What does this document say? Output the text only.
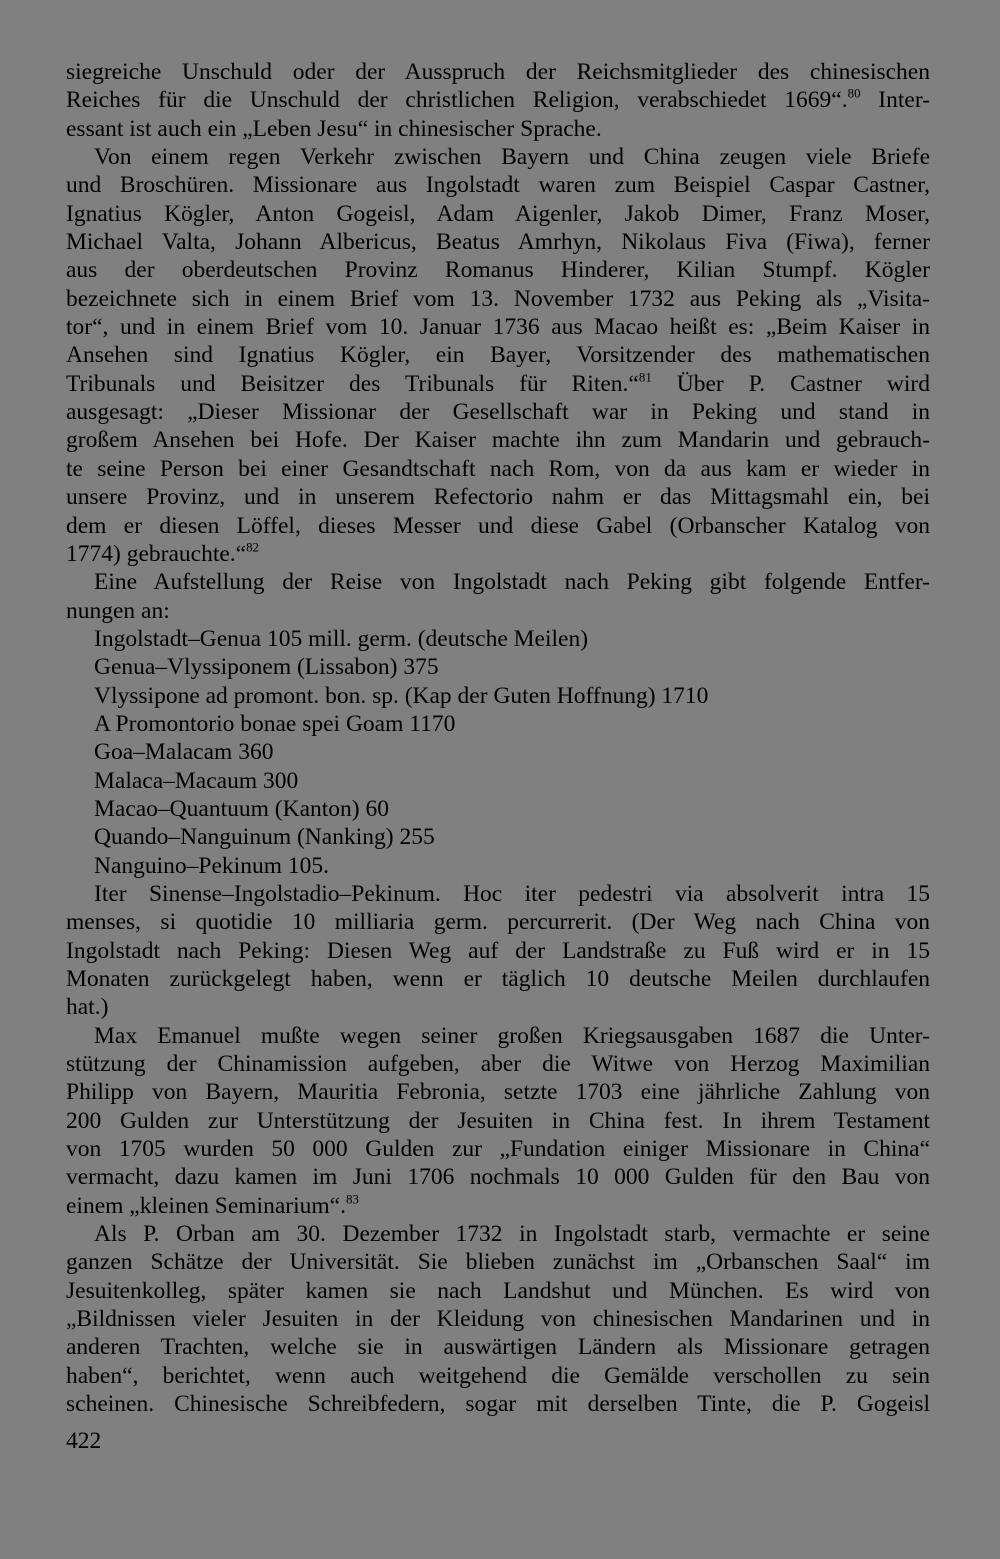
siegreiche Unschuld oder der Ausspruch der Reichsmitglieder des chinesischen
Reiches für die Unschuld der christlichen Religion, verabschiedet 1669“.$^{80}$ Inter-
essant ist auch ein „Leben Jesu“ in chinesischer Sprache.
Von einem regen Verkehr zwischen Bayern und China zeugen viele Briefe
und Broschüren. Missionare aus Ingolstadt waren zum Beispiel Caspar Castner,
Ignatius Kögler, Anton Gogeisl, Adam Aigenler, Jakob Dimer, Franz Moser,
Michael Valta, Johann Albericus, Beatus Amrhyn, Nikolaus Fiva (Fiwa), ferner
aus der oberdeutschen Provinz Romanus Hinderer, Kilian Stumpf. Kögler
bezeichnete sich in einem Brief vom 13. November 1732 aus Peking als „Visita-
tor“, und in einem Brief vom 10. Januar 1736 aus Macao heißt es: „Beim Kaiser in
Ansehen sind Ignatius Kögler, ein Bayer, Vorsitzender des mathematischen
Tribunals und Beisitzer des Tribunals für Riten.“$^{81}$ Über P. Castner wird
ausgesagt: „Dieser Missionar der Gesellschaft war in Peking und stand in
großem Ansehen bei Hofe. Der Kaiser machte ihn zum Mandarin und gebrauch-
te seine Person bei einer Gesandtschaft nach Rom, von da aus kam er wieder in
unsere Provinz, und in unserem Refectorio nahm er das Mittagsmahl ein, bei
dem er diesen Löffel, dieses Messer und diese Gabel (Orbanscher Katalog von
1774) gebrauchte.“$^{82}$
Eine Aufstellung der Reise von Ingolstadt nach Peking gibt folgende Entfer-
nungen an:
Ingolstadt–Genua 105 mill. germ. (deutsche Meilen)
Genua–Vlyssiponem (Lissabon) 375
Vlyssipone ad promont. bon. sp. (Kap der Guten Hoffnung) 1710
A Promontorio bonae spei Goam 1170
Goa–Malacam 360
Malaca–Macaum 300
Macao–Quantuum (Kanton) 60
Quando–Nanguinum (Nanking) 255
Nanguino–Pekinum 105.
Iter Sinense–Ingolstadio–Pekinum. Hoc iter pedestri via absolverit intra 15
menses, si quotidie 10 milliaria germ. percurrerit. (Der Weg nach China von
Ingolstadt nach Peking: Diesen Weg auf der Landstraße zu Fuß wird er in 15
Monaten zurückgelegt haben, wenn er täglich 10 deutsche Meilen durchlaufen
hat.)
Max Emanuel mußte wegen seiner großen Kriegsausgaben 1687 die Unter-
stützung der Chinamission aufgeben, aber die Witwe von Herzog Maximilian
Philipp von Bayern, Mauritia Febronia, setzte 1703 eine jährliche Zahlung von
200 Gulden zur Unterstützung der Jesuiten in China fest. In ihrem Testament
von 1705 wurden 50 000 Gulden zur „Fundation einiger Missionare in China“
vermacht, dazu kamen im Juni 1706 nochmals 10 000 Gulden für den Bau von
einem „kleinen Seminarium“.$^{83}$
Als P. Orban am 30. Dezember 1732 in Ingolstadt starb, vermachte er seine
ganzen Schätze der Universität. Sie blieben zunächst im „Orbanschen Saal“ im
Jesuitenkolleg, später kamen sie nach Landshut und München. Es wird von
„Bildnissen vieler Jesuiten in der Kleidung von chinesischen Mandarinen und in
anderen Trachten, welche sie in auswärtigen Ländern als Missionare getragen
haben“, berichtet, wenn auch weitgehend die Gemälde verschollen zu sein
scheinen. Chinesische Schreibfedern, sogar mit derselben Tinte, die P. Gogeisl
422
